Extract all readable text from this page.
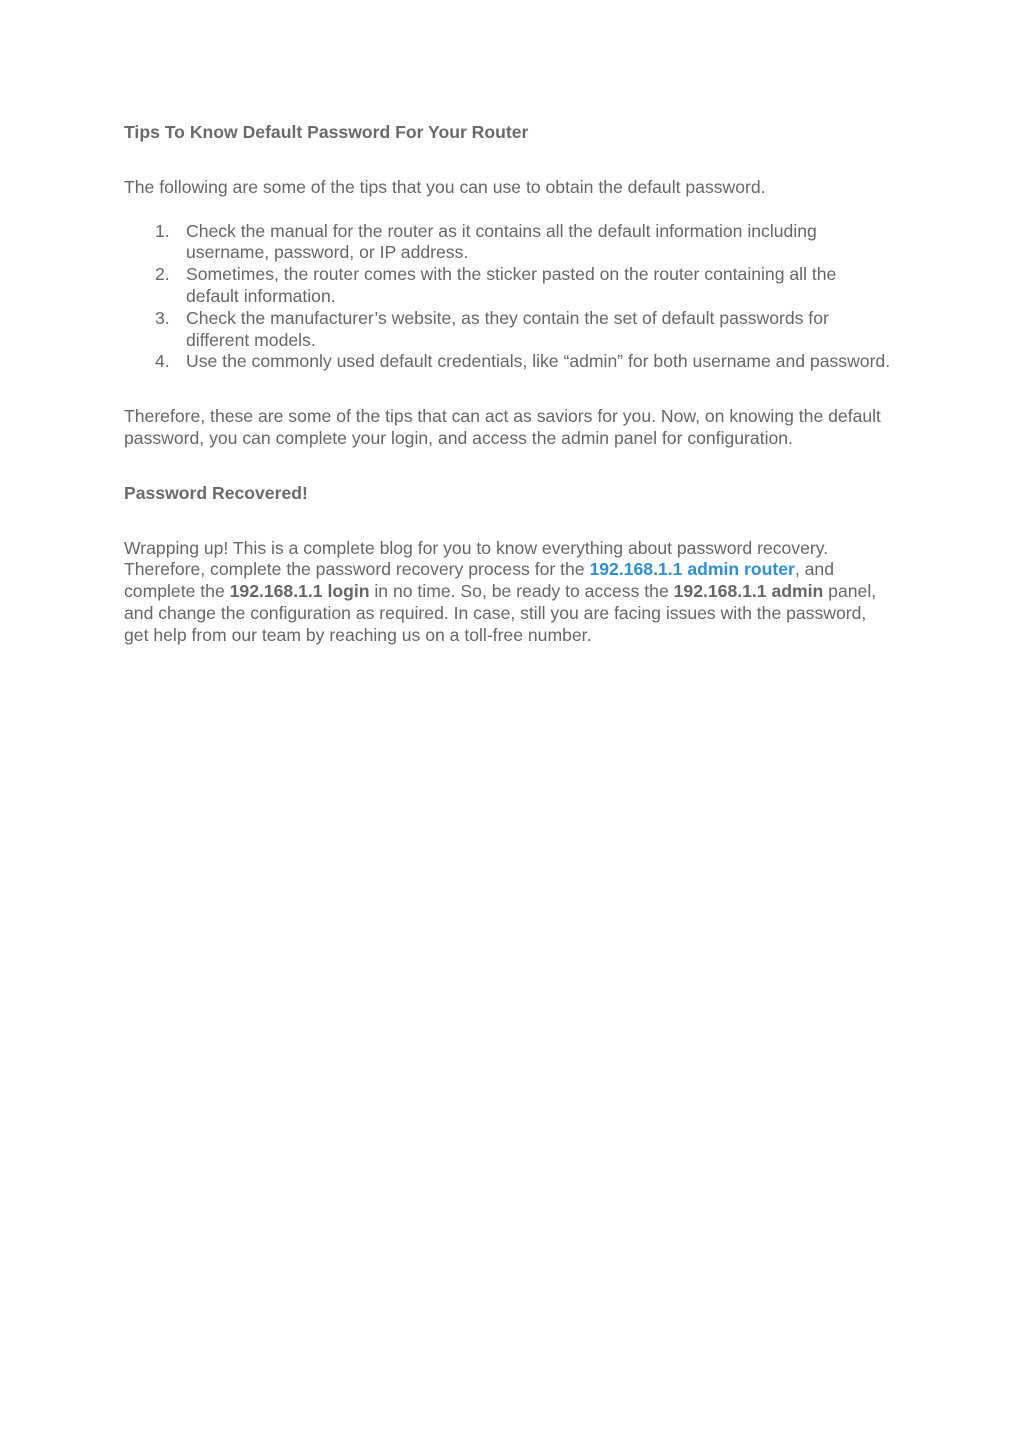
Tips To Know Default Password For Your Router

The following are some of the tips that you can use to obtain the default password.

1. Check the manual for the router as it contains all the default information including username, password, or IP address.
2. Sometimes, the router comes with the sticker pasted on the router containing all the default information.
3. Check the manufacturer’s website, as they contain the set of default passwords for different models.
4. Use the commonly used default credentials, like “admin” for both username and password.

Therefore, these are some of the tips that can act as saviors for you. Now, on knowing the default password, you can complete your login, and access the admin panel for configuration.

Password Recovered!

Wrapping up! This is a complete blog for you to know everything about password recovery. Therefore, complete the password recovery process for the 192.168.1.1 admin router, and complete the 192.168.1.1 login in no time. So, be ready to access the 192.168.1.1 admin panel, and change the configuration as required. In case, still you are facing issues with the password, get help from our team by reaching us on a toll-free number.
